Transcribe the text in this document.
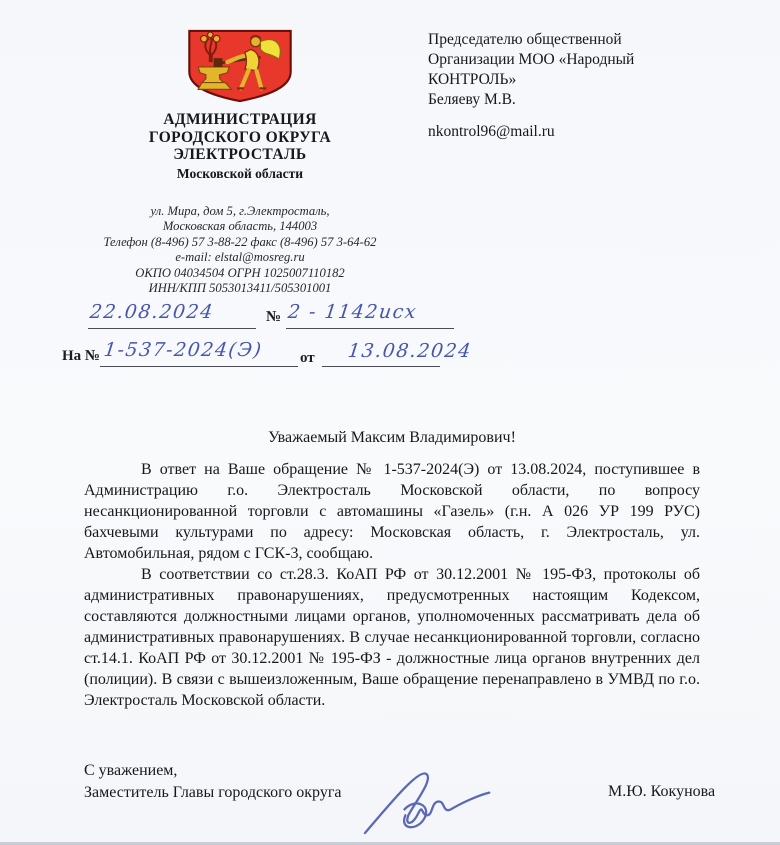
АДМИНИСТРАЦИЯ
ГОРОДСКОГО ОКРУГА
ЭЛЕКТРОСТАЛЬ
Московской области
ул. Мира, дом 5, г.Электросталь,
Московская область, 144003
Телефон (8-496) 57 3-88-22 факс (8-496) 57 3-64-62
e-mail: elstal@mosreg.ru
ОКПО 04034504 ОГРН 1025007110182
ИНН/КПП 5053013411/505301001
Председателю общественной
Организации МОО «Народный
КОНТРОЛЬ»
Беляеву М.В.
nkontrol96@mail.ru
22.08.2024	№ 2 - 1142исх
На № 1-537-2024(Э) от 13.08.2024
Уважаемый Максим Владимирович!

В ответ на Ваше обращение № 1-537-2024(Э) от 13.08.2024, поступившее в Администрацию г.о. Электросталь Московской области, по вопросу несанкционированной торговли с автомашины «Газель» (г.н. А 026 УР 199 РУС) бахчевыми культурами по адресу: Московская область, г. Электросталь, ул. Автомобильная, рядом с ГСК-3, сообщаю.

В соответствии со ст.28.3. КоАП РФ от 30.12.2001 № 195-ФЗ, протоколы об административных правонарушениях, предусмотренных настоящим Кодексом, составляются должностными лицами органов, уполномоченных рассматривать дела об административных правонарушениях. В случае несанкционированной торговли, согласно ст.14.1. КоАП РФ от 30.12.2001 № 195-ФЗ - должностные лица органов внутренних дел (полиции). В связи с вышеизложенным, Ваше обращение перенаправлено в УМВД по г.о. Электросталь Московской области.

С уважением,
Заместитель Главы городского округа	М.Ю. Кокунова
